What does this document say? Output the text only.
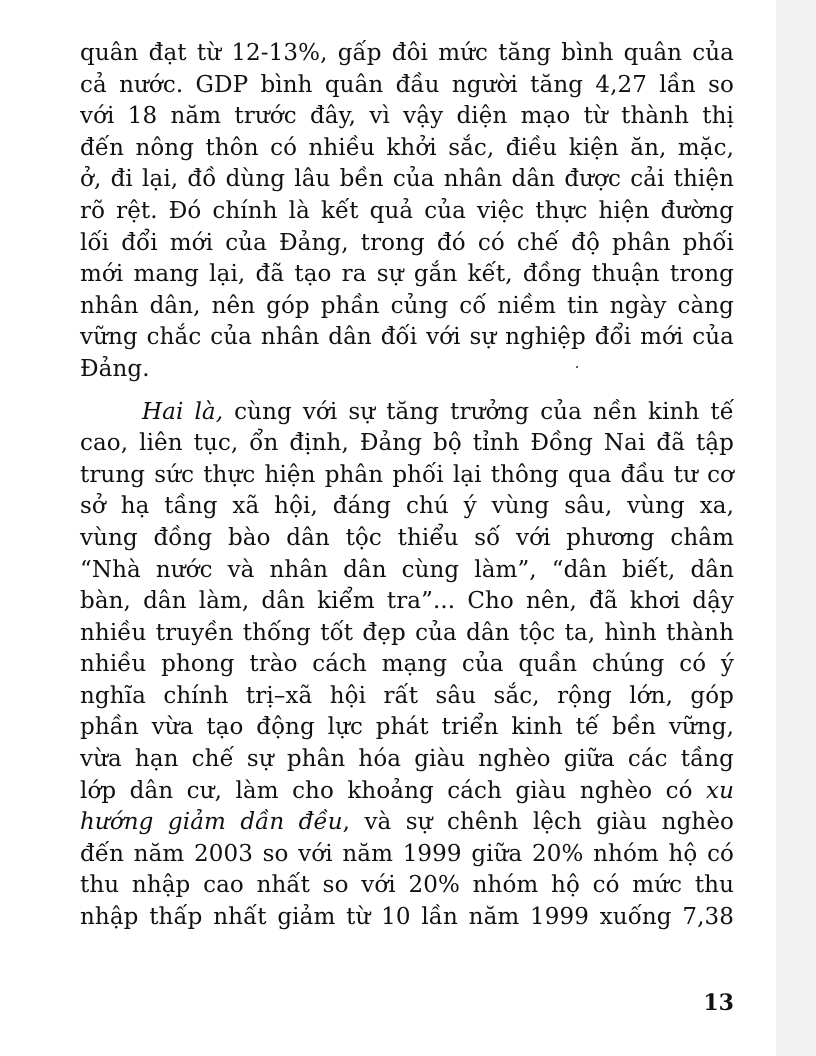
quân đạt từ 12-13%, gấp đôi mức tăng bình quân của
cả nước. GDP bình quân đầu người tăng 4,27 lần so
với 18 năm trước đây, vì vậy diện mạo từ thành thị
đến nông thôn có nhiều khởi sắc, điều kiện ăn, mặc,
ở, đi lại, đồ dùng lâu bền của nhân dân được cải thiện
rõ rệt. Đó chính là kết quả của việc thực hiện đường
lối đổi mới của Đảng, trong đó có chế độ phân phối
mới mang lại, đã tạo ra sự gắn kết, đồng thuận trong
nhân dân, nên góp phần củng cố niềm tin ngày càng
vững chắc của nhân dân đối với sự nghiệp đổi mới của
Đảng.
Hai là, cùng với sự tăng trưởng của nền kinh tế
cao, liên tục, ổn định, Đảng bộ tỉnh Đồng Nai đã tập
trung sức thực hiện phân phối lại thông qua đầu tư cơ
sở hạ tầng xã hội, đáng chú ý vùng sâu, vùng xa,
vùng đồng bào dân tộc thiểu số với phương châm
“Nhà nước và nhân dân cùng làm”, “dân biết, dân
bàn, dân làm, dân kiểm tra”... Cho nên, đã khơi dậy
nhiều truyền thống tốt đẹp của dân tộc ta, hình thành
nhiều phong trào cách mạng của quần chúng có ý
nghĩa chính trị–xã hội rất sâu sắc, rộng lớn, góp
phần vừa tạo động lực phát triển kinh tế bền vững,
vừa hạn chế sự phân hóa giàu nghèo giữa các tầng
lớp dân cư, làm cho khoảng cách giàu nghèo có xu
hướng giảm dần đều, và sự chênh lệch giàu nghèo
đến năm 2003 so với năm 1999 giữa 20% nhóm hộ có
thu nhập cao nhất so với 20% nhóm hộ có mức thu
nhập thấp nhất giảm từ 10 lần năm 1999 xuống 7,38
13
